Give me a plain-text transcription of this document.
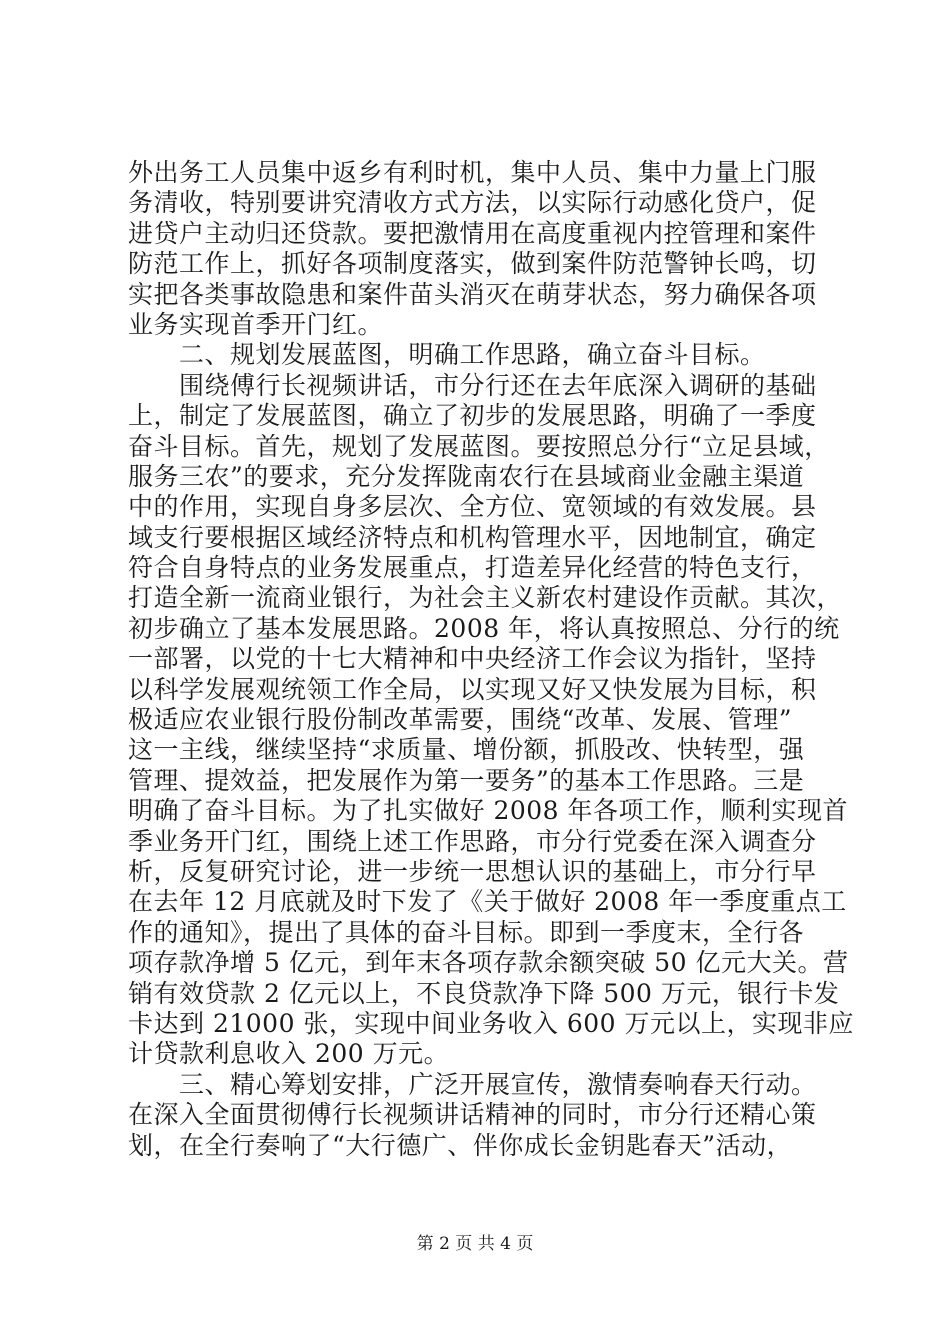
外出务工人员集中返乡有利时机，集中人员、集中力量上门服
务清收，特别要讲究清收方式方法，以实际行动感化贷户，促
进贷户主动归还贷款。要把激情用在高度重视内控管理和案件
防范工作上，抓好各项制度落实，做到案件防范警钟长鸣，切
实把各类事故隐患和案件苗头消灭在萌芽状态，努力确保各项
业务实现首季开门红。
　　二、规划发展蓝图，明确工作思路，确立奋斗目标。
　　围绕傅行长视频讲话，市分行还在去年底深入调研的基础
上，制定了发展蓝图，确立了初步的发展思路，明确了一季度
奋斗目标。首先，规划了发展蓝图。要按照总分行“立足县域，
服务三农”的要求，充分发挥陇南农行在县域商业金融主渠道
中的作用，实现自身多层次、全方位、宽领域的有效发展。县
域支行要根据区域经济特点和机构管理水平，因地制宜，确定
符合自身特点的业务发展重点，打造差异化经营的特色支行，
打造全新一流商业银行，为社会主义新农村建设作贡献。其次，
初步确立了基本发展思路。2008 年，将认真按照总、分行的统
一部署，以党的十七大精神和中央经济工作会议为指针，坚持
以科学发展观统领工作全局，以实现又好又快发展为目标，积
极适应农业银行股份制改革需要，围绕“改革、发展、管理”
这一主线，继续坚持“求质量、增份额，抓股改、快转型，强
管理、提效益，把发展作为第一要务”的基本工作思路。三是
明确了奋斗目标。为了扎实做好 2008 年各项工作，顺利实现首
季业务开门红，围绕上述工作思路，市分行党委在深入调查分
析，反复研究讨论，进一步统一思想认识的基础上，市分行早
在去年 12 月底就及时下发了《关于做好 2008 年一季度重点工
作的通知》，提出了具体的奋斗目标。即到一季度末，全行各
项存款净增 5 亿元，到年末各项存款余额突破 50 亿元大关。营
销有效贷款 2 亿元以上，不良贷款净下降 500 万元，银行卡发
卡达到 21000 张，实现中间业务收入 600 万元以上，实现非应
计贷款利息收入 200 万元。
　　三、精心筹划安排，广泛开展宣传，激情奏响春天行动。
在深入全面贯彻傅行长视频讲话精神的同时，市分行还精心策
划，在全行奏响了“大行德广、伴你成长金钥匙春天”活动，
第 2 页 共 4 页
